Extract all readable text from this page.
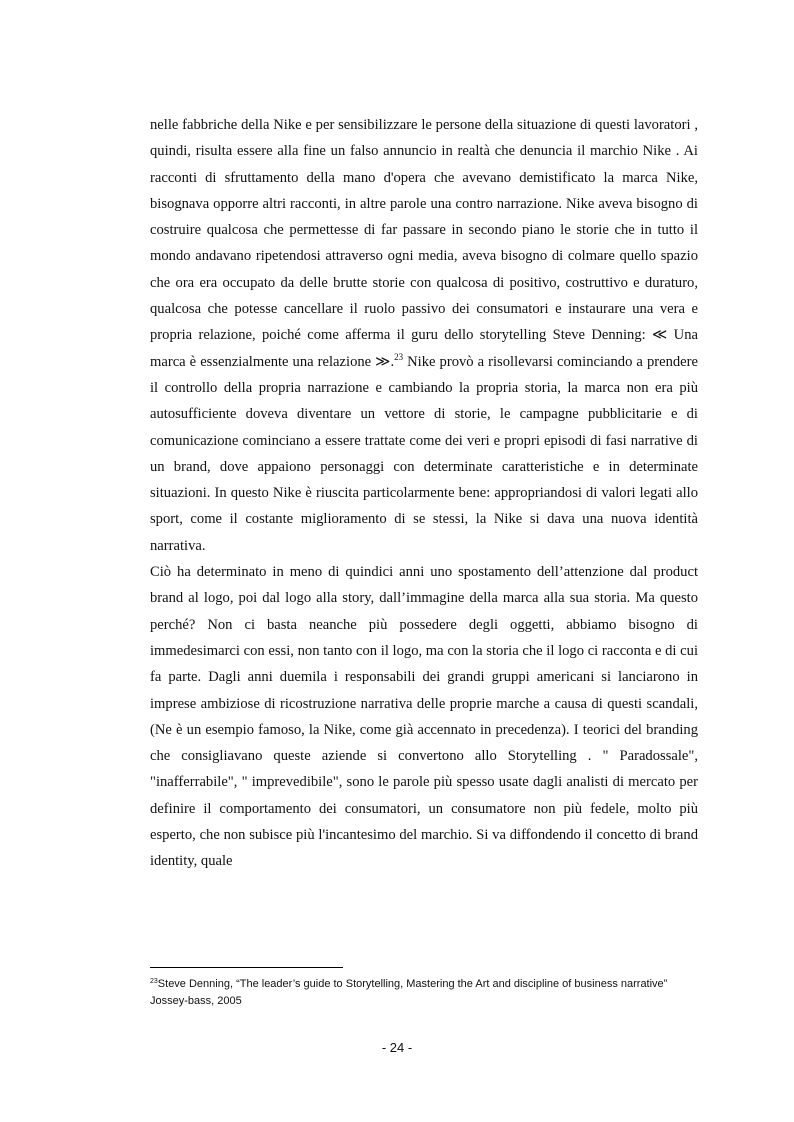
nelle fabbriche della Nike e per sensibilizzare le persone della situazione di questi lavoratori , quindi, risulta essere alla fine un falso annuncio in realtà che denuncia il marchio Nike . Ai racconti di sfruttamento della mano d'opera che avevano demistificato la marca Nike, bisognava opporre altri racconti, in altre parole una contro narrazione. Nike aveva bisogno di costruire qualcosa che permettesse di far passare in secondo piano le storie che in tutto il mondo andavano ripetendosi attraverso ogni media, aveva bisogno di colmare quello spazio che ora era occupato da delle brutte storie con qualcosa di positivo, costruttivo e duraturo, qualcosa che potesse cancellare il ruolo passivo dei consumatori e instaurare una vera e propria relazione, poiché come afferma il guru dello storytelling Steve Denning: ≪ Una marca è essenzialmente una relazione ≫.$^{23}$ Nike provò a risollevarsi cominciando a prendere il controllo della propria narrazione e cambiando la propria storia, la marca non era più autosufficiente doveva diventare un vettore di storie, le campagne pubblicitarie e di comunicazione cominciano a essere trattate come dei veri e propri episodi di fasi narrative di un brand, dove appaiono personaggi con determinate caratteristiche e in determinate situazioni. In questo Nike è riuscita particolarmente bene: appropriandosi di valori legati allo sport, come il costante miglioramento di se stessi, la Nike si dava una nuova identità narrativa.

Ciò ha determinato in meno di quindici anni uno spostamento dell’attenzione dal product brand al logo, poi dal logo alla story, dall’immagine della marca alla sua storia. Ma questo perché? Non ci basta neanche più possedere degli oggetti, abbiamo bisogno di immedesimarci con essi, non tanto con il logo, ma con la storia che il logo ci racconta e di cui fa parte. Dagli anni duemila i responsabili dei grandi gruppi americani si lanciarono in imprese ambiziose di ricostruzione narrativa delle proprie marche a causa di questi scandali, (Ne è un esempio famoso, la Nike, come già accennato in precedenza). I teorici del branding che consigliavano queste aziende si convertono allo Storytelling . " Paradossale", "inafferrabile", " imprevedibile", sono le parole più spesso usate dagli analisti di mercato per definire il comportamento dei consumatori, un consumatore non più fedele, molto più esperto, che non subisce più l'incantesimo del marchio. Si va diffondendo il concetto di brand identity, quale

$^{23}$Steve Denning, “The leader’s guide to Storytelling, Mastering the Art and discipline of business narrative” Jossey-bass, 2005

- 24 -
